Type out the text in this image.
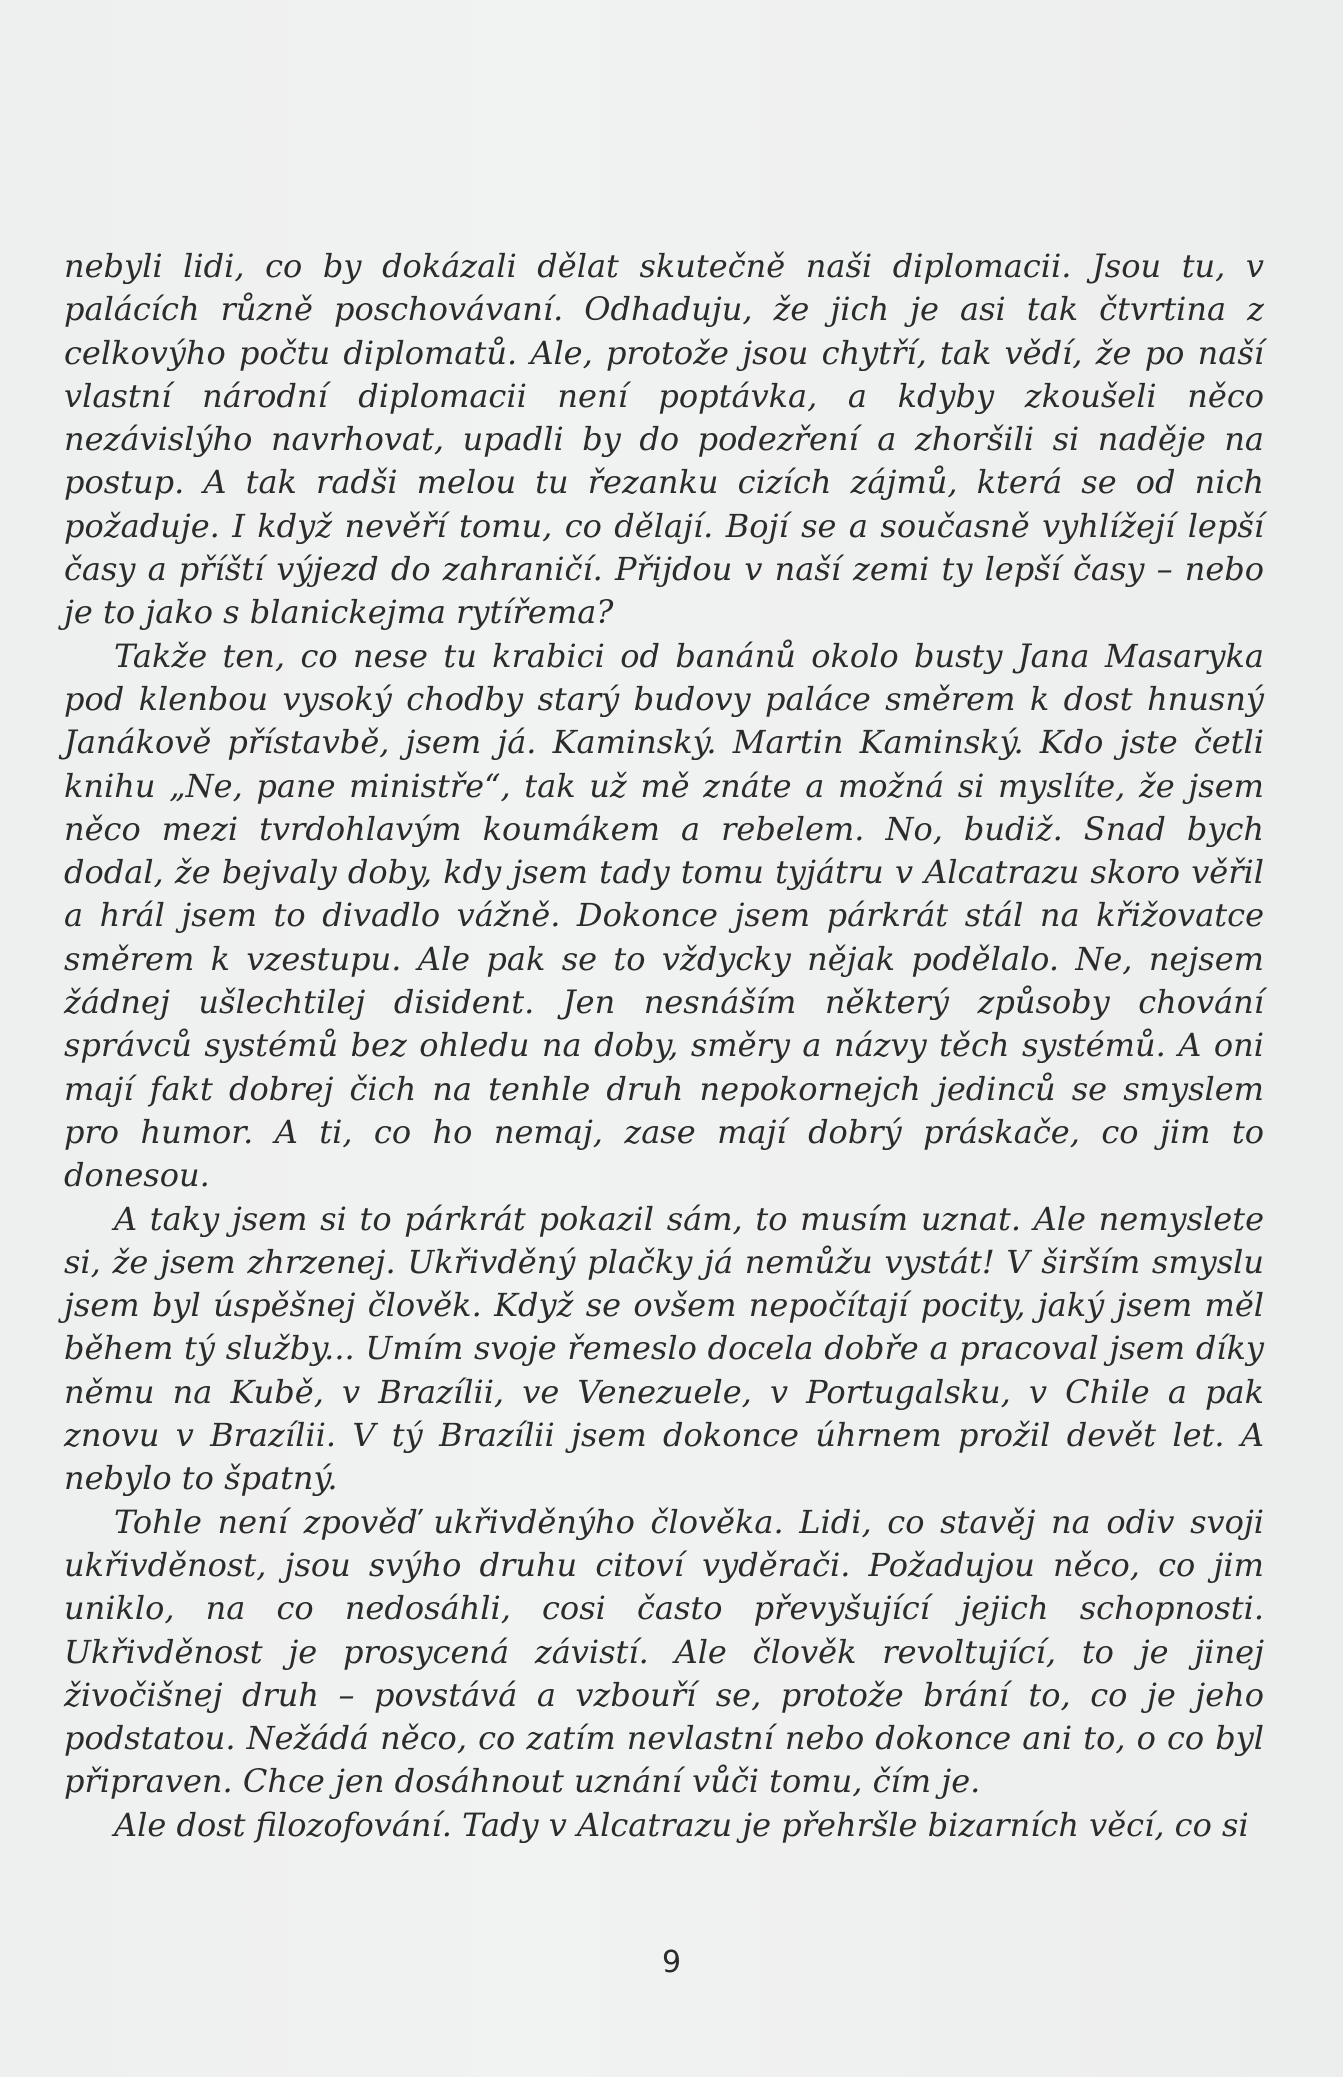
nebyli lidi, co by dokázali dělat skutečně naši diplomacii. Jsou tu, v palácích různě poschovávaní. Odhaduju, že jich je asi tak čtvrtina z celkovýho počtu diplomatů. Ale, protože jsou chytří, tak vědí, že po naší vlastní národní diplomacii není poptávka, a kdyby zkoušeli něco nezávislýho navrhovat, upadli by do podezření a zhoršili si naděje na postup. A tak radši melou tu řezanku cizích zájmů, která se od nich požaduje. I když nevěří tomu, co dělají. Bojí se a současně vyhlížejí lepší časy a příští výjezd do zahraničí. Přijdou v naší zemi ty lepší časy – nebo je to jako s blanickejma rytířema?

Takže ten, co nese tu krabici od banánů okolo busty Jana Masaryka pod klenbou vysoký chodby starý budovy paláce směrem k dost hnusný Janákově přístavbě, jsem já. Kaminský. Martin Kaminský. Kdo jste četli knihu „Ne, pane ministře“, tak už mě znáte a možná si myslíte, že jsem něco mezi tvrdohlavým koumákem a rebelem. No, budiž. Snad bych dodal, že bejvaly doby, kdy jsem tady tomu tyjátru v Alcatrazu skoro věřil a hrál jsem to divadlo vážně. Dokonce jsem párkrát stál na křižovatce směrem k vzestupu. Ale pak se to vždycky nějak podělalo. Ne, nejsem žádnej ušlechtilej disident. Jen nesnáším některý způsoby chování správců systémů bez ohledu na doby, směry a názvy těch systémů. A oni mají fakt dobrej čich na tenhle druh nepokornejch jedinců se smyslem pro humor. A ti, co ho nemaj, zase mají dobrý práskače, co jim to donesou.

A taky jsem si to párkrát pokazil sám, to musím uznat. Ale nemyslete si, že jsem zhrzenej. Ukřivděný plačky já nemůžu vystát! V širším smyslu jsem byl úspěšnej člověk. Když se ovšem nepočítají pocity, jaký jsem měl během tý služby... Umím svoje řemeslo docela dobře a pracoval jsem díky němu na Kubě, v Brazílii, ve Venezuele, v Portugalsku, v Chile a pak znovu v Brazílii. V tý Brazílii jsem dokonce úhrnem prožil devět let. A nebylo to špatný.

Tohle není zpověď ukřivděnýho člověka. Lidi, co stavěj na odiv svoji ukřivděnost, jsou svýho druhu citoví vyděrači. Požadujou něco, co jim uniklo, na co nedosáhli, cosi často převyšující jejich schopnosti. Ukřivděnost je prosycená závistí. Ale člověk revoltující, to je jinej živočišnej druh – povstává a vzbouří se, protože brání to, co je jeho podstatou. Nežádá něco, co zatím nevlastní nebo dokonce ani to, o co byl připraven. Chce jen dosáhnout uznání vůči tomu, čím je.

Ale dost filozofování. Tady v Alcatrazu je přehršle bizarních věcí, co si

9
